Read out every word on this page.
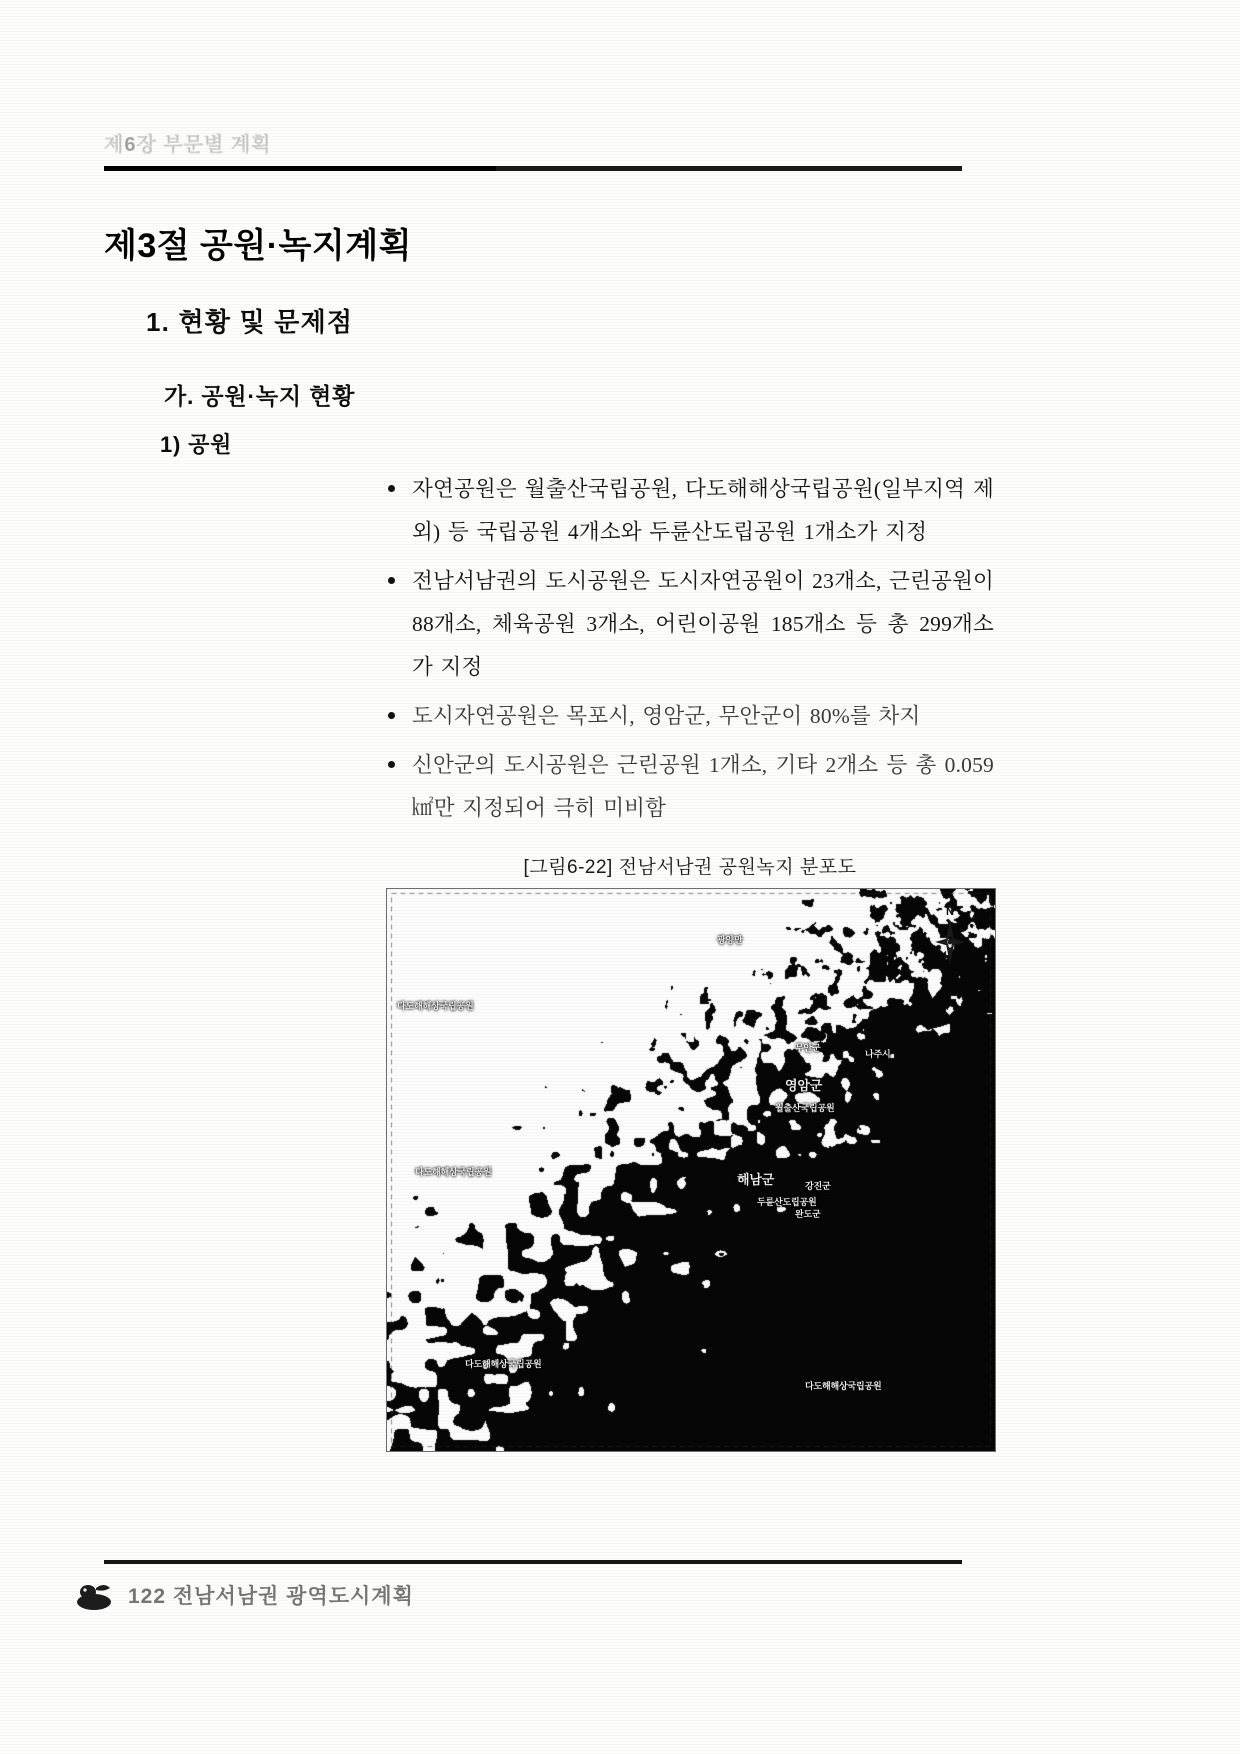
제6장 부문별 계획
제3절 공원·녹지계획
1. 현황 및 문제점
가. 공원·녹지 현황
1) 공원
자연공원은 월출산국립공원, 다도해해상국립공원(일부지역 제외) 등 국립공원 4개소와 두륜산도립공원 1개소가 지정
전남서남권의 도시공원은 도시자연공원이 23개소, 근린공원이 88개소, 체육공원 3개소, 어린이공원 185개소 등 총 299개소가 지정
도시자연공원은 목포시, 영암군, 무안군이 80%를 차지
신안군의 도시공원은 근린공원 1개소, 기타 2개소 등 총 0.059㎢만 지정되어 극히 미비함
[그림6-22] 전남서남권 공원녹지 분포도
광양만
다도해해상국립공원
영암군
월출산국립공원
무안군
나주시
다도해해상국립공원	해남군	강진군
완도군
두륜산도립공원
다도해해상국립공원
다도해해상국립공원
N
122 전남서남권 광역도시계획
